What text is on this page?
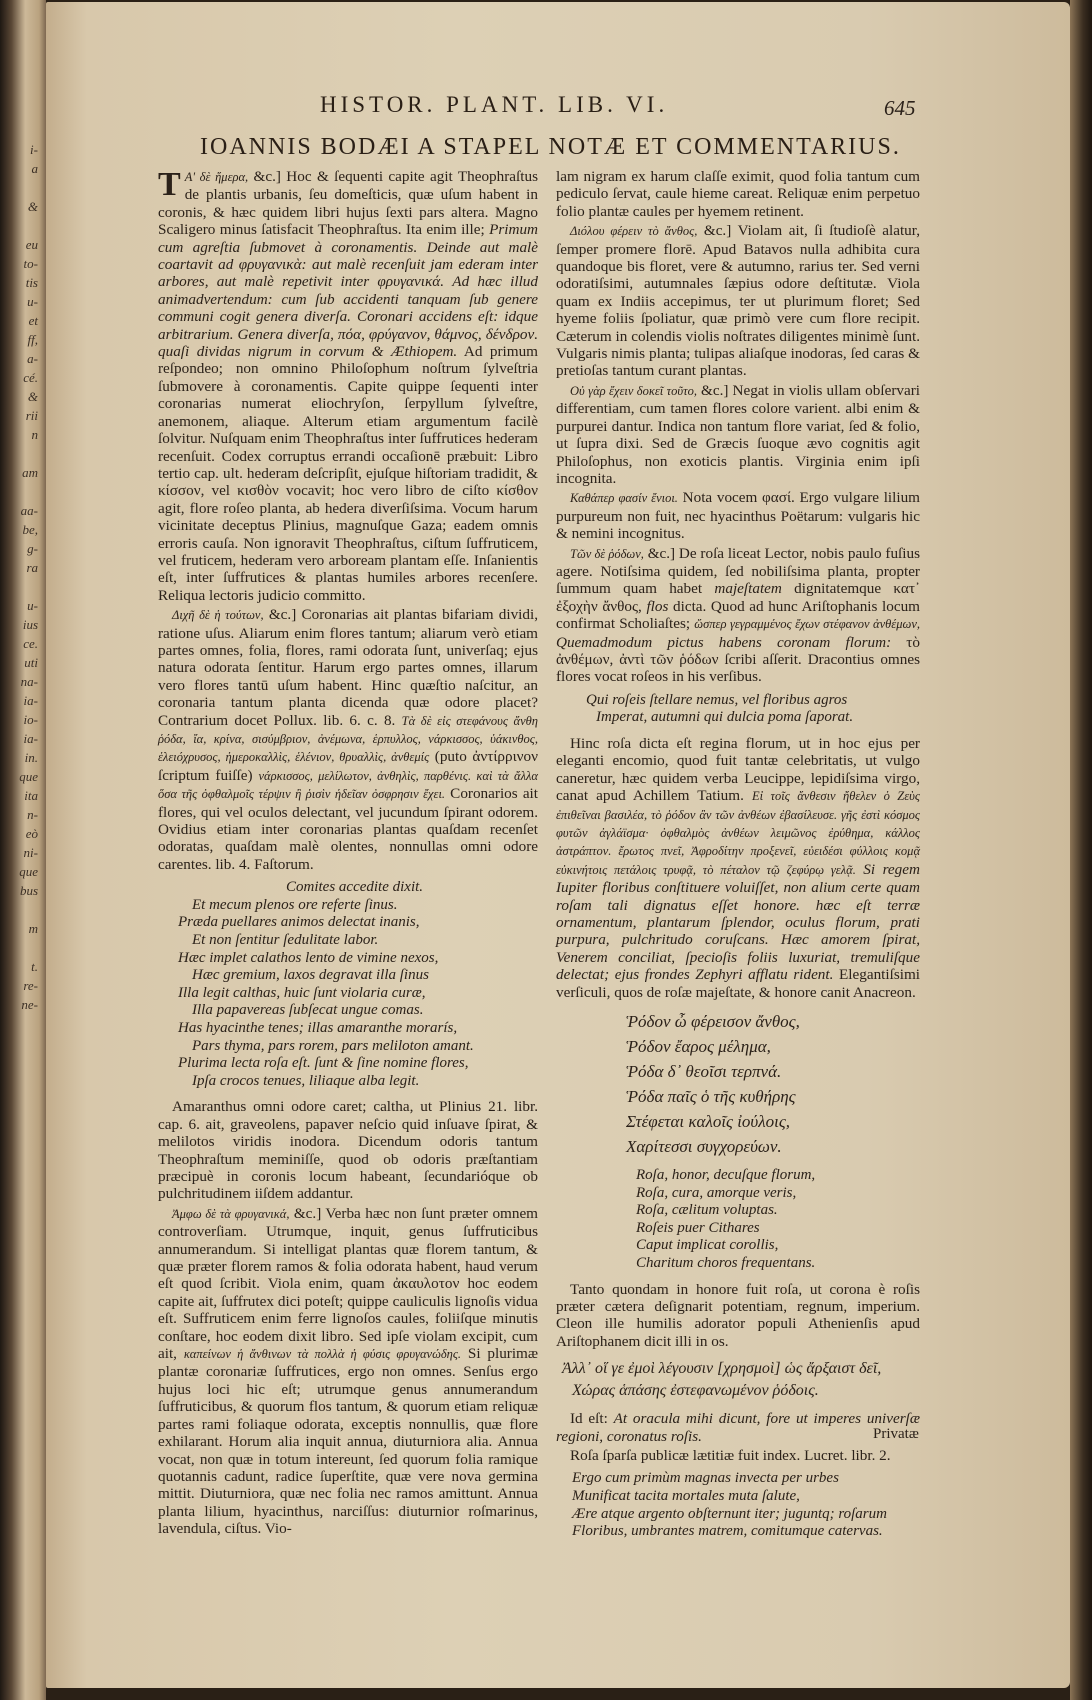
i-
a

&

eu
to-
tis
u-
et
ff,
a-
cé.
&
rii
n

am

aa-
be,
g-
ra

u-
ius
ce.
uti
na-
ia-
io-
ia-
in.
que
ita
n-
eò
ni-
que
bus

m

t.
re-
ne-
HISTOR. PLANT. LIB. VI.	645
IOANNIS BODÆI A STAPEL NOTÆ ET COMMENTARIUS.

T Α' δὲ ἥμερα, &c.] Hoc & ſequenti capite agit Theophraſtus de plantis urbanis, ſeu domeſticis, quæ uſum habent in coronis, & hæc quidem libri hujus ſexti pars altera. Magno Scaligero minus ſatisfacit Theophraſtus. Ita enim ille; Primum cum agreſtia ſubmovet à coronamentis. Deinde aut malè coartavit ad φρυγανικὰ: aut malè recenſuit jam ederam inter arbores, aut malè repetivit inter φρυγανικά. Ad hæc illud animadvertendum: cum ſub accidenti tanquam ſub genere communi cogit genera diverſa. Coronari accidens eſt: idque arbitrarium. Genera diverſa, πόα, φρύγανον, θάμνος, δένδρον. quaſi dividas nigrum in corvum & Æthiopem. Ad primum reſpondeo; non omnino Philoſophum noſtrum ſylveſtria ſubmovere à coronamentis. Capite quippe ſequenti inter coronarias numerat eliochryſon, ſerpyllum ſylveſtre, anemonem, aliaque. Alterum etiam argumentum facilè ſolvitur. Nuſquam enim Theophraſtus inter ſuffrutices hederam recenſuit. Codex corruptus errandi occaſionē præbuit: Libro tertio cap. ult. hederam deſcripſit, ejuſque hiſtoriam tradidit, & κίσσον, vel κισθὸν vocavit; hoc vero libro de ciſto κίσθον agit, flore roſeo planta, ab hedera diverſiſsima. Vocum harum vicinitate deceptus Plinius, magnuſque Gaza; eadem omnis erroris cauſa. Non ignoravit Theophraſtus, ciſtum ſuffruticem, vel fruticem, hederam vero arboream plantam eſſe. Inſanientis eſt, inter ſuffrutices & plantas humiles arbores recenſere. Reliqua lectoris judicio committo.

Διχῆ δὲ ἡ τούτων, &c.] Coronarias ait plantas bifariam dividi, ratione uſus. Aliarum enim flores tantum; aliarum verò etiam partes omnes, folia, flores, rami odorata ſunt, univerſaq; ejus natura odorata ſentitur. Harum ergo partes omnes, illarum vero flores tantū uſum habent. Hinc quæſtio naſcitur, an coronaria tantum planta dicenda quæ odore placet? Contrarium docet Pollux. lib. 6. c. 8. Τὰ δὲ εἰς στεφάνους ἄνθη ῥόδα, ἴα, κρίνα, σισύμβριον, ἀνέμωνα, ἑρπυλλος, νάρκισσος, ὑάκινθος, ἑλειόχρυσος, ἡμεροκαλλὶς, ἑλένιον, θρυαλλὶς, ἀνθεμίς (puto ἀντίρρινον ſcriptum fuiſſe) νάρκισσος, μελίλωτον, ἀνθηλὶς, παρθένις. καὶ τὰ ἄλλα ὅσα τῆς ὀφθαλμοῖς τέρψιν ἢ ῥισὶν ἡδεῖαν ὀσφρησιν ἔχει. Coronarios ait flores, qui vel oculos delectant, vel jucundum ſpirant odorem. Ovidius etiam inter coronarias plantas quaſdam recenſet odoratas, quaſdam malè olentes, nonnullas omni odore carentes. lib. 4. Faſtorum.

Comites accedite dixit.
Et mecum plenos ore referte ſinus.
Præda puellares animos delectat inanis,
Et non ſentitur ſedulitate labor.
Hæc implet calathos lento de vimine nexos,
Hæc gremium, laxos degravat illa ſinus
Illa legit calthas, huic ſunt violaria curæ,
Illa papavereas ſubſecat ungue comas.
Has hyacinthe tenes; illas amaranthe morarís,
Pars thyma, pars rorem, pars meliloton amant.
Plurima lecta roſa eſt. ſunt & ſine nomine flores,
Ipſa crocos tenues, liliaque alba legit.

Amaranthus omni odore caret; caltha, ut Plinius 21. libr. cap. 6. ait, graveolens, papaver neſcio quid inſuave ſpirat, & melilotos viridis inodora. Dicendum odoris tantum Theophraſtum meminiſſe, quod ob odoris præſtantiam præcipuè in coronis locum habeant, ſecundarióque ob pulchritudinem iiſdem addantur.

Ἀμφω δὲ τὰ φρυγανικά, &c.] Verba hæc non ſunt præter omnem controverſiam. Utrumque, inquit, genus ſuffruticibus annumerandum. Si intelligat plantas quæ florem tantum, & quæ præter florem ramos & folia odorata habent, haud verum eſt quod ſcribit. Viola enim, quam ἀκαυλοτον hoc eodem capite ait, ſuffrutex dici poteſt; quippe cauliculis lignoſis vidua eſt. Suffruticem enim ferre lignoſos caules, foliiſque minutis conſtare, hoc eodem dixit libro. Sed ipſe violam excipit, cum ait, καπείνων ἡ ἄνθινων τὰ πολλὰ ἡ φύσις φρυγανώδης. Si plurimæ plantæ coronariæ ſuffrutices, ergo non omnes. Senſus ergo hujus loci hic eſt; utrumque genus annumerandum ſuffruticibus, & quorum flos tantum, & quorum etiam reliquæ partes rami foliaque odorata, exceptis nonnullis, quæ flore exhilarant. Horum alia inquit annua, diuturniora alia. Annua vocat, non quæ in totum intereunt, ſed quorum folia ramique quotannis cadunt, radice ſuperſtite, quæ vere nova germina mittit. Diuturniora, quæ nec folia nec ramos amittunt. Annua planta lilium, hyacinthus, narciſſus: diuturnior roſmarinus, lavendula, ciſtus. Vio-

lam nigram ex harum claſſe eximit, quod folia tantum cum pediculo ſervat, caule hieme careat. Reliquæ enim perpetuo folio plantæ caules per hyemem retinent.

Διόλου φέρειν τὸ ἄνθος, &c.] Violam ait, ſi ſtudioſè alatur, ſemper promere florē. Apud Batavos nulla adhibita cura quandoque bis floret, vere & autumno, rarius ter. Sed verni odoratiſsimi, autumnales ſæpius odore deſtitutæ. Viola quam ex Indiis accepimus, ter ut plurimum floret; Sed hyeme foliis ſpoliatur, quæ primò vere cum flore recipit. Cæterum in colendis violis noſtrates diligentes minimè ſunt. Vulgaris nimis planta; tulipas aliaſque inodoras, ſed caras & pretioſas tantum curant plantas.

Οὐ γὰρ ἔχειν δοκεῖ τοῦτο, &c.] Negat in violis ullam obſervari differentiam, cum tamen flores colore varient. albi enim & purpurei dantur. Indica non tantum flore variat, ſed & folio, ut ſupra dixi. Sed de Græcis ſuoque ævo cognitis agit Philoſophus, non exoticis plantis. Virginia enim ipſi incognita.

Καθάπερ φασίν ἔνιοι. Nota vocem φασί. Ergo vulgare lilium purpureum non fuit, nec hyacinthus Poëtarum: vulgaris hic & nemini incognitus.

Τῶν δὲ ῥόδων, &c.] De roſa liceat Lector, nobis paulo fuſius agere. Notiſsima quidem, ſed nobiliſsima planta, propter ſummum quam habet majeſtatem dignitatemque κατ᾽ ἐξοχὴν ἄνθος, flos dicta. Quod ad hunc Ariſtophanis locum confirmat Scholiaſtes; ὥσπερ γεγραμμένος ἔχων στέφανον ἀνθέμων, Quemadmodum pictus habens coronam florum: τὸ ἀνθέμων, ἀντὶ τῶν ῥόδων ſcribi aſſerit. Dracontius omnes flores vocat roſeos in his verſibus.

Qui roſeis ſtellare nemus, vel floribus agros
Imperat, autumni qui dulcia poma ſaporat.

Hinc roſa dicta eſt regina florum, ut in hoc ejus per eleganti encomio, quod fuit tantæ celebritatis, ut vulgo caneretur, hæc quidem verba Leucippe, lepidiſsima virgo, canat apud Achillem Tatium. Εἰ τοῖς ἄνθεσιν ἤθελεν ὁ Ζεὺς ἐπιθεῖναι βασιλέα, τὸ ῥόδον ἂν τῶν ἀνθέων ἐβασίλευσε. γῆς ἐστὶ κόσμος φυτῶν ἀγλάϊσμα· ὀφθαλμὸς ἀνθέων λειμῶνος ἐρύθημα, κάλλος ἀστράπτον. ἔρωτος πνεῖ, Ἀφροδίτην προξενεῖ, εὐειδέσι φύλλοις κομᾷ εὐκινήτοις πετάλοις τρυφᾷ, τὸ πέταλον τῷ ζεφύρῳ γελᾷ. Si regem Iupiter floribus conſtituere voluiſſet, non alium certe quam roſam tali dignatus eſſet honore. hæc eſt terræ ornamentum, plantarum ſplendor, oculus florum, prati purpura, pulchritudo coruſcans. Hæc amorem ſpirat, Venerem conciliat, ſpecioſis foliis luxuriat, tremuliſque delectat; ejus frondes Zephyri afflatu rident. Elegantiſsimi verſiculi, quos de roſæ majeſtate, & honore canit Anacreon.

Ῥόδον ὦ φέρεισον ἄνθος,
Ῥόδον ἔαρος μέλημα,
Ῥόδα δ᾽ θεοῖσι τερπνά.
Ῥόδα παῖς ὁ τῆς κυθήρης
Στέφεται καλοῖς ἰούλοις,
Χαρίτεσσι συγχορεύων.
Roſa, honor, decuſque florum,
Roſa, cura, amorque veris,
Roſa, cælitum voluptas.
Roſeis puer Cithares
Caput implicat corollis,
Charitum choros frequentans.

Tanto quondam in honore fuit roſa, ut corona è roſis præter cætera deſignarit potentiam, regnum, imperium. Cleon ille humilis adorator populi Athenienſis apud Ariſtophanem dicit illi in os.

Ἀλλ᾽ οἵ γε ἐμοὶ λέγουσιν [χρησμοὶ] ὡς ἄρξαιστ δεῖ,
Χώρας ἁπάσης ἐστεφανωμένον ῥόδοις.

Id eſt: At oracula mihi dicunt, fore ut imperes univerſæ regioni, coronatus roſis.

Roſa ſparſa publicæ lætitiæ fuit index. Lucret. libr. 2.

Ergo cum primùm magnas invecta per urbes
Munificat tacita mortales muta ſalute,
Ære atque argento obſternunt iter; juguntq; roſarum
Floribus, umbrantes matrem, comitumque catervas.
Privatæ
